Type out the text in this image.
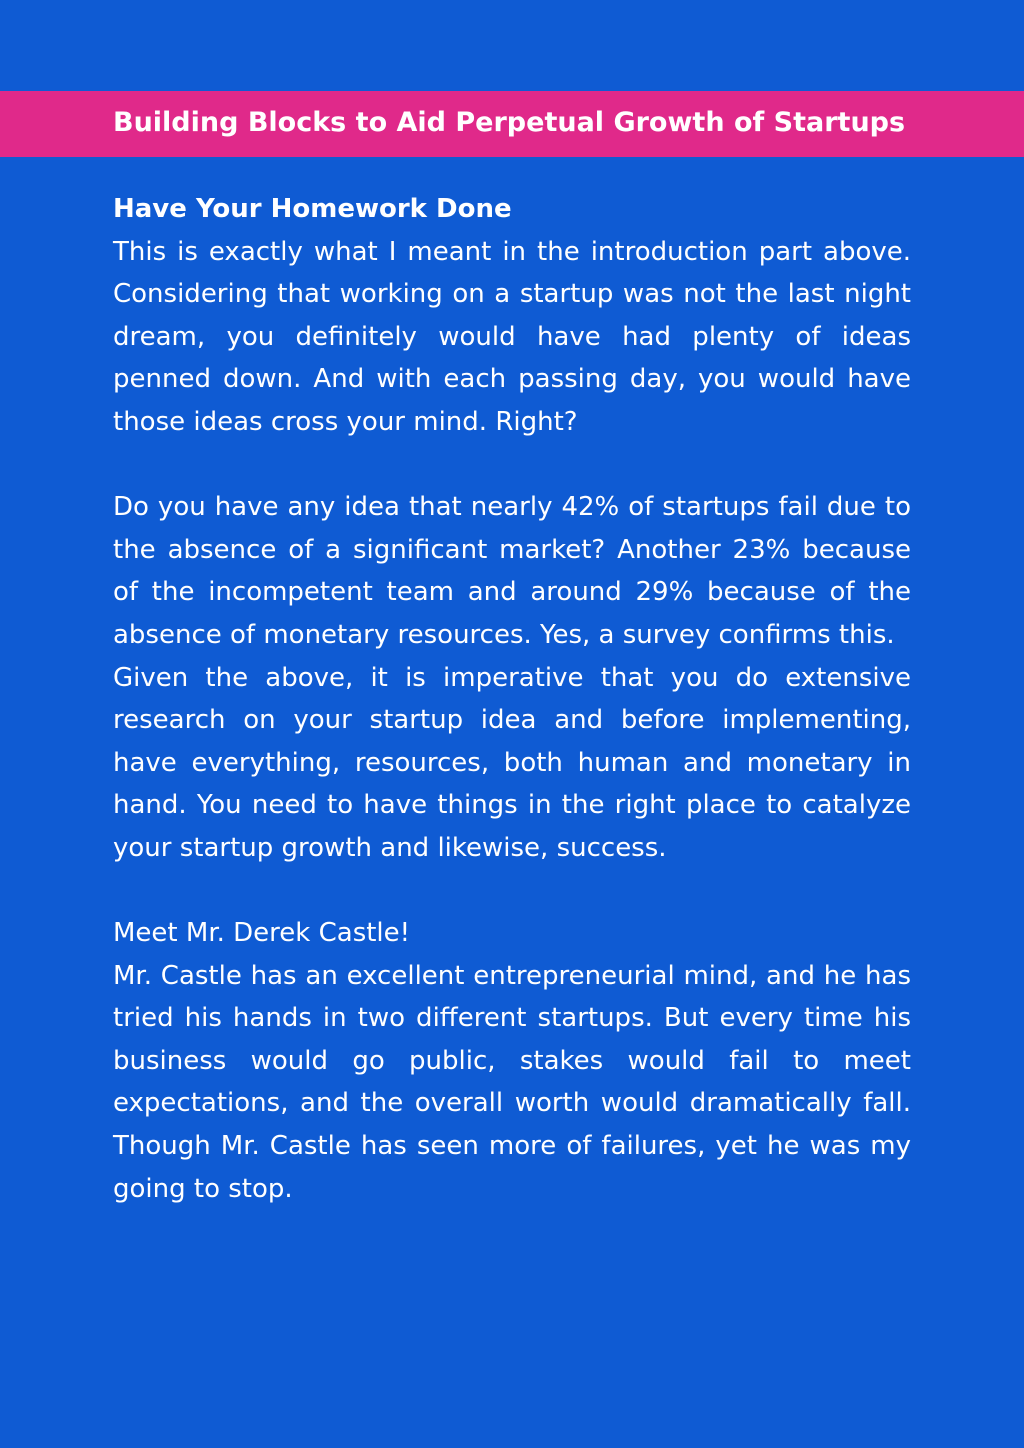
Building Blocks to Aid Perpetual Growth of Startups

Have Your Homework Done

This is exactly what I meant in the introduction part above. Considering that working on a startup was not the last night dream, you definitely would have had plenty of ideas penned down. And with each passing day, you would have those ideas cross your mind. Right?

Do you have any idea that nearly 42% of startups fail due to the absence of a significant market? Another 23% because of the incompetent team and around 29% because of the absence of monetary resources. Yes, a survey confirms this.

Given the above, it is imperative that you do extensive research on your startup idea and before implementing, have everything, resources, both human and monetary in hand. You need to have things in the right place to catalyze your startup growth and likewise, success.

Meet Mr. Derek Castle!

Mr. Castle has an excellent entrepreneurial mind, and he has tried his hands in two different startups. But every time his business would go public, stakes would fail to meet expectations, and the overall worth would dramatically fall. Though Mr. Castle has seen more of failures, yet he was my going to stop.
